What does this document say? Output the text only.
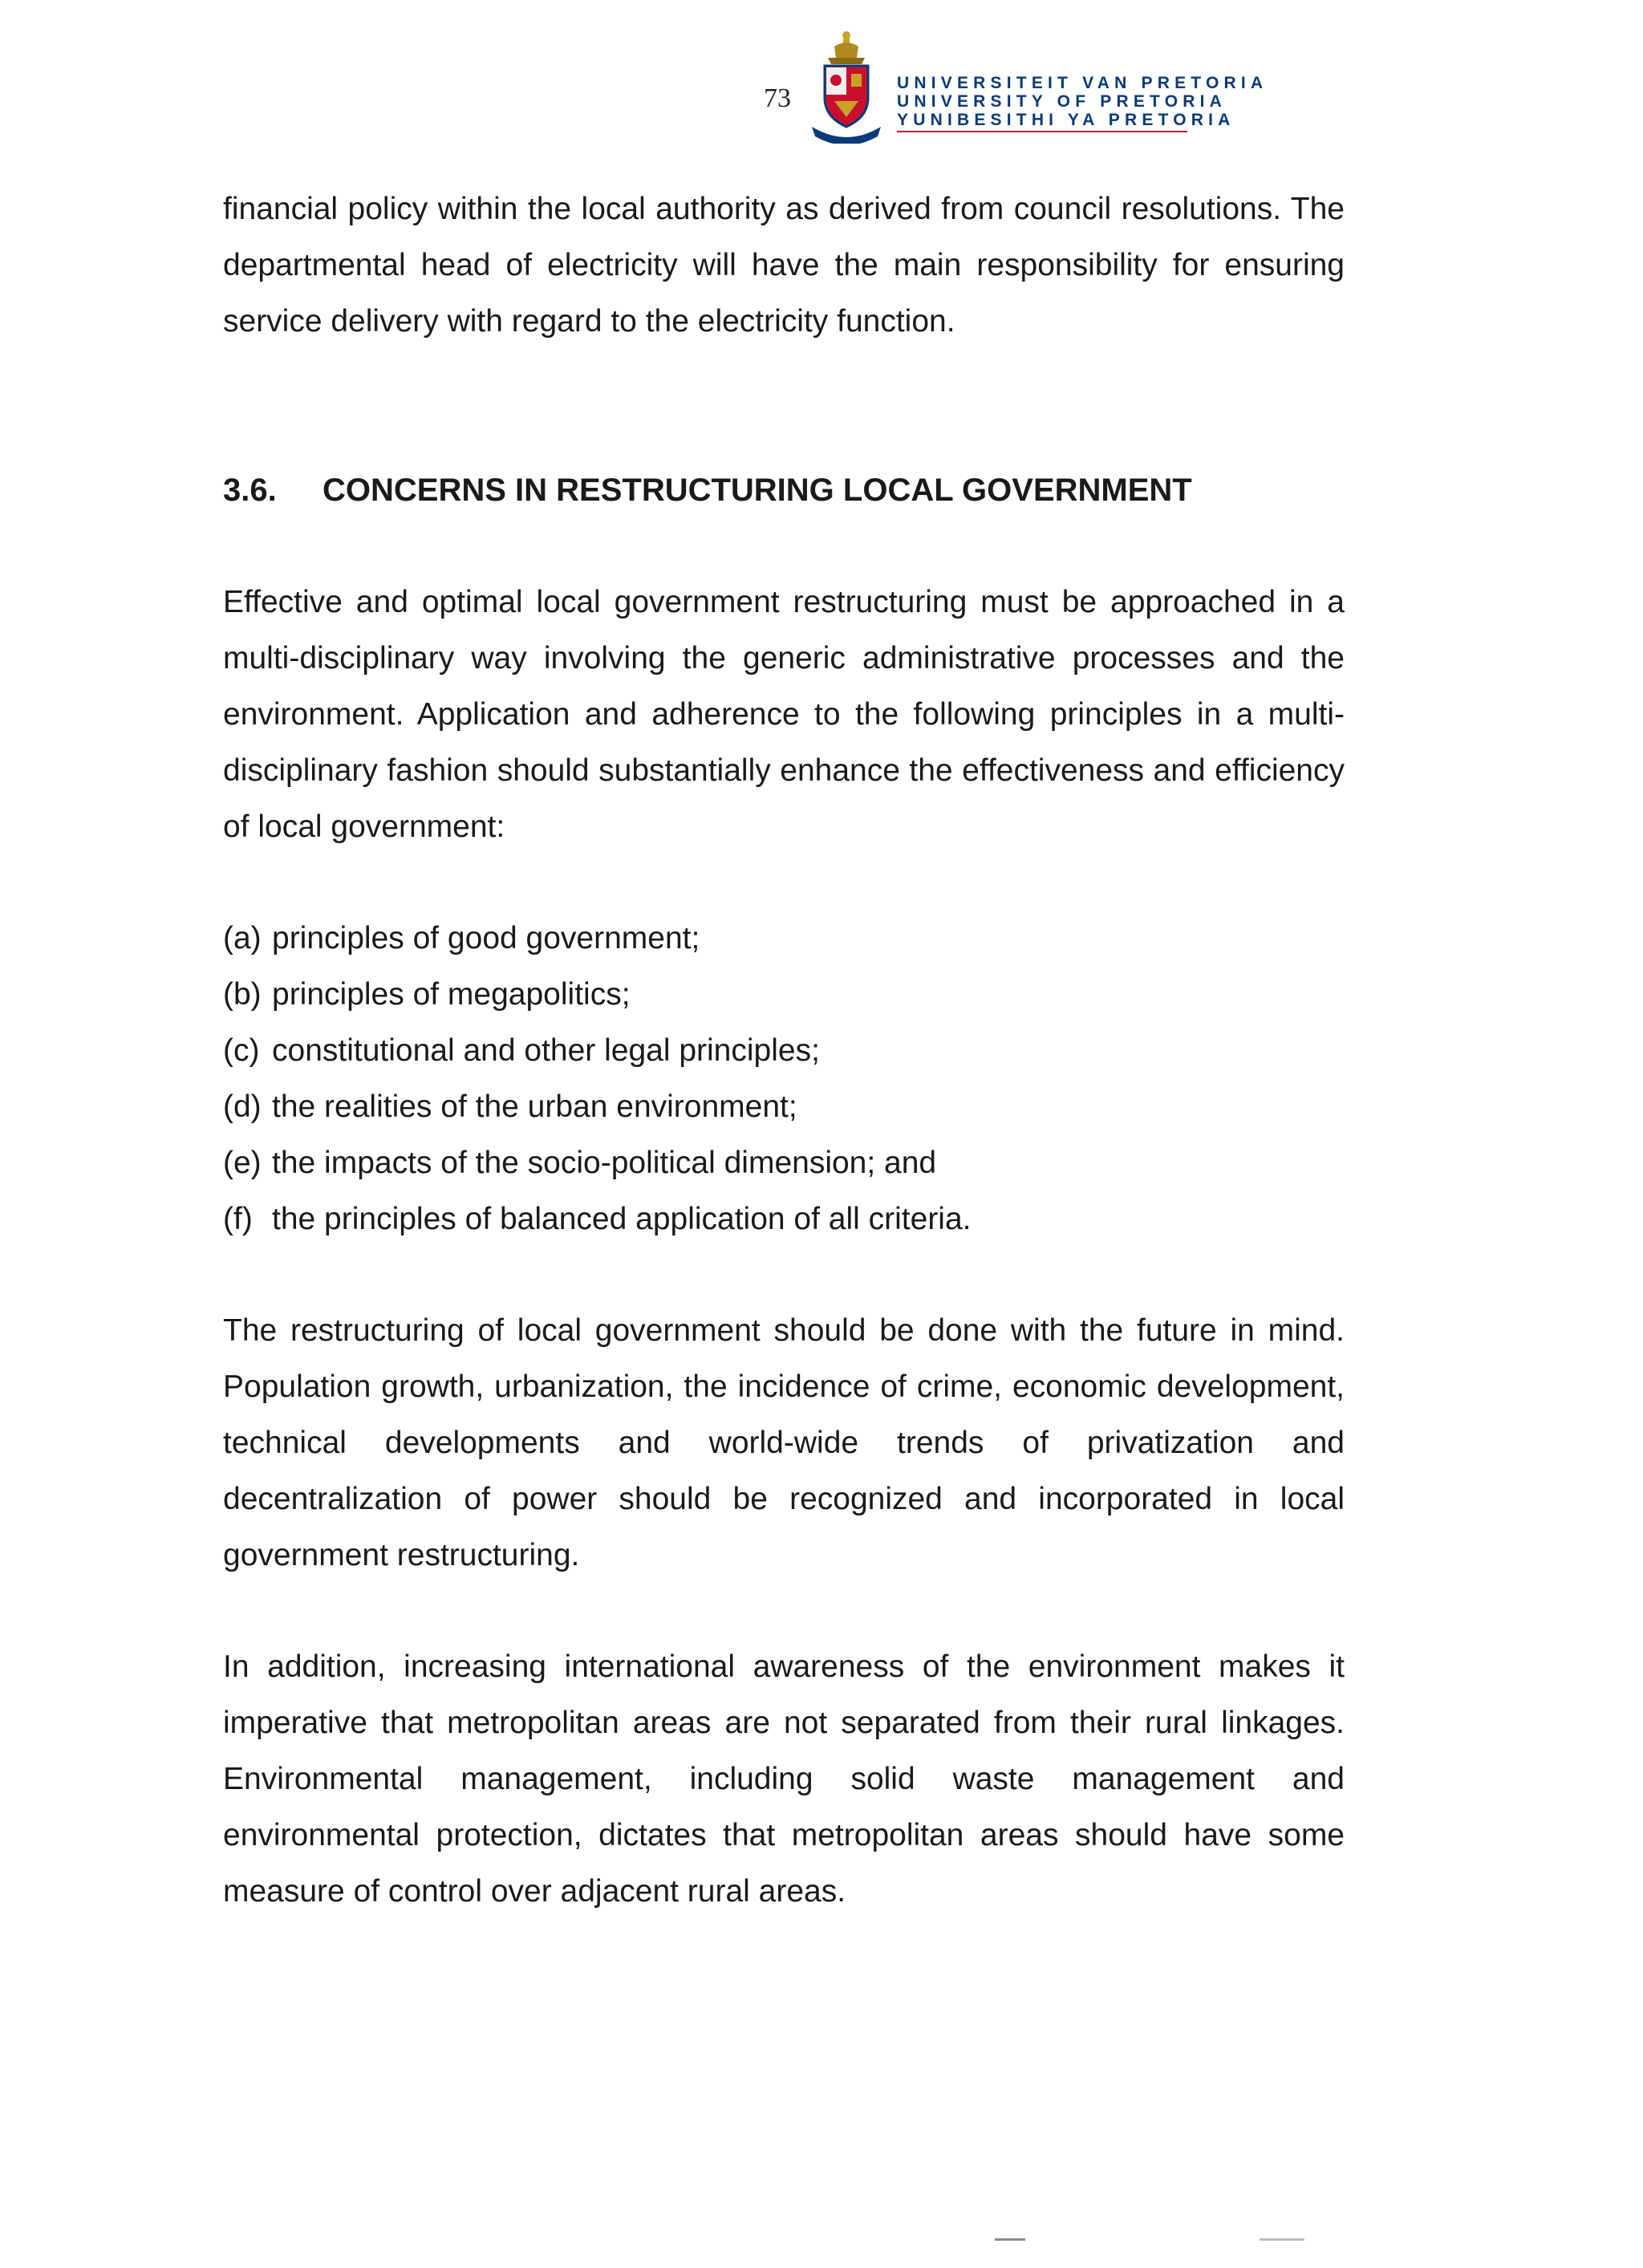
73
UNIVERSITEIT VAN PRETORIA
UNIVERSITY OF PRETORIA
YUNIBESITHI YA PRETORIA

financial policy within the local authority as derived from council resolutions. The departmental head of electricity will have the main responsibility for ensuring service delivery with regard to the electricity function.

3.6.	CONCERNS IN RESTRUCTURING LOCAL GOVERNMENT

Effective and optimal local government restructuring must be approached in a multi-disciplinary way involving the generic administrative processes and the environment. Application and adherence to the following principles in a multi-disciplinary fashion should substantially enhance the effectiveness and efficiency of local government:

(a) principles of good government;
(b) principles of megapolitics;
(c) constitutional and other legal principles;
(d) the realities of the urban environment;
(e) the impacts of the socio-political dimension; and
(f) the principles of balanced application of all criteria.

The restructuring of local government should be done with the future in mind. Population growth, urbanization, the incidence of crime, economic development, technical developments and world-wide trends of privatization and decentralization of power should be recognized and incorporated in local government restructuring.

In addition, increasing international awareness of the environment makes it imperative that metropolitan areas are not separated from their rural linkages. Environmental management, including solid waste management and environmental protection, dictates that metropolitan areas should have some measure of control over adjacent rural areas.
